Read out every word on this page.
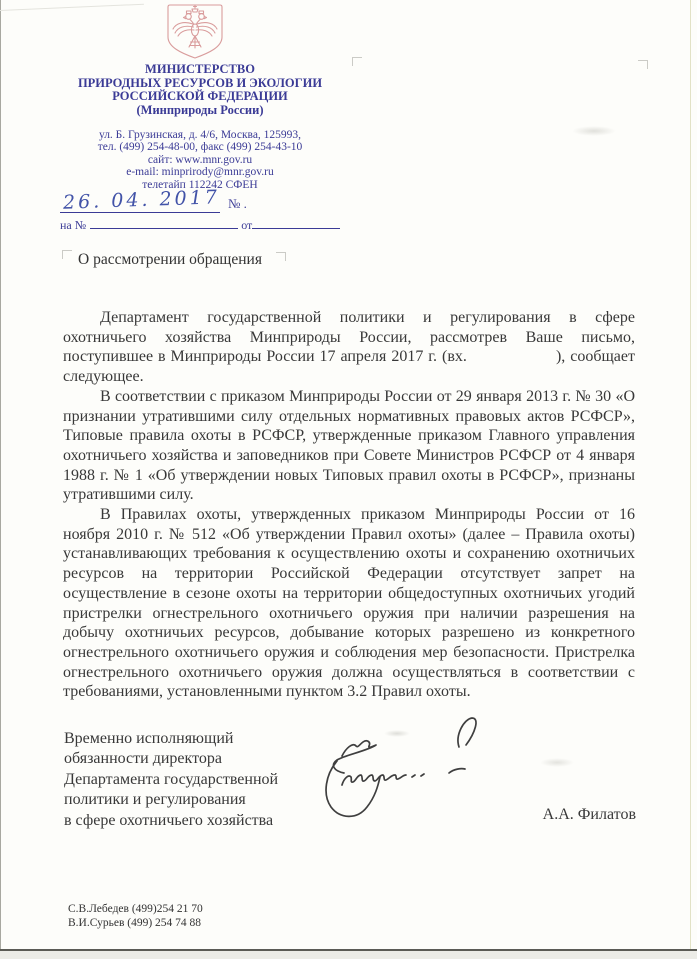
МИНИСТЕРСТВО
ПРИРОДНЫХ РЕСУРСОВ И ЭКОЛОГИИ
РОССИЙСКОЙ ФЕДЕРАЦИИ
(Минприроды России)
ул. Б. Грузинская, д. 4/6, Москва, 125993,
тел. (499) 254-48-00, факс (499) 254-43-10
сайт: www.mnr.gov.ru
e-mail: minprirody@mnr.gov.ru
телетайп 112242 СФЕН
26. 04. 2017 № .
на №	от
О рассмотрении обращения

Департамент государственной политики и регулирования в сфере охотничьего хозяйства Минприроды России, рассмотрев Ваше письмо, поступившее в Минприроды России 17 апреля 2017 г. (вх.                  ), сообщает следующее.

В соответствии с приказом Минприроды России от 29 января 2013 г. № 30 «О признании утратившими силу отдельных нормативных правовых актов РСФСР», Типовые правила охоты в РСФСР, утвержденные приказом Главного управления охотничьего хозяйства и заповедников при Совете Министров РСФСР от 4 января 1988 г. № 1 «Об утверждении новых Типовых правил охоты в РСФСР», признаны утратившими силу.

В Правилах охоты, утвержденных приказом Минприроды России от 16 ноября 2010 г. № 512 «Об утверждении Правил охоты» (далее – Правила охоты) устанавливающих требования к осуществлению охоты и сохранению охотничьих ресурсов на территории Российской Федерации отсутствует запрет на осуществление в сезоне охоты на территории общедоступных охотничьих угодий пристрелки огнестрельного охотничьего оружия при наличии разрешения на добычу охотничьих ресурсов, добывание которых разрешено из конкретного огнестрельного охотничьего оружия и соблюдения мер безопасности. Пристрелка огнестрельного охотничьего оружия должна осуществляться в соответствии с требованиями, установленными пунктом 3.2 Правил охоты.

Временно исполняющий
обязанности директора
Департамента государственной
политики и регулирования
в сфере охотничьего хозяйства	А.А. Филатов
С.В.Лебедев (499)254 21 70
В.И.Сурьев (499) 254 74 88
